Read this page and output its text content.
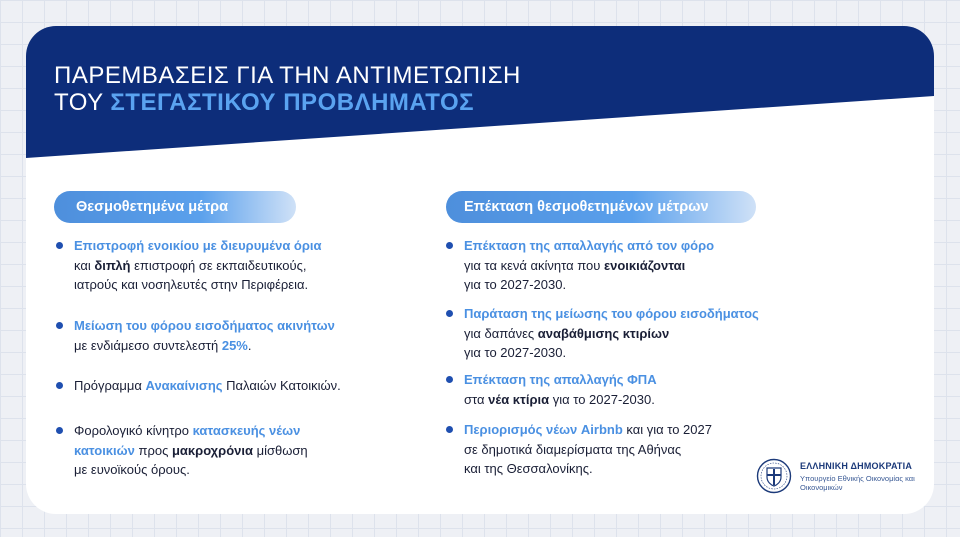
ΠΑΡΕΜΒΑΣΕΙΣ ΓΙΑ ΤΗΝ ΑΝΤΙΜΕΤΩΠΙΣΗ
ΤΟΥ ΣΤΕΓΑΣΤΙΚΟΥ ΠΡΟΒΛΗΜΑΤΟΣ
Θεσμοθετημένα μέτρα	Επέκταση θεσμοθετημένων μέτρων
Επιστροφή ενοικίου με διευρυμένα όρια
και διπλή επιστροφή σε εκπαιδευτικούς,
ιατρούς και νοσηλευτές στην Περιφέρεια.
Μείωση του φόρου εισοδήματος ακινήτων
με ενδιάμεσο συντελεστή 25%.
Πρόγραμμα Ανακαίνισης Παλαιών Κατοικιών.
Φορολογικό κίνητρο κατασκευής νέων
κατοικιών προς μακροχρόνια μίσθωση
με ευνοϊκούς όρους.
Επέκταση της απαλλαγής από τον φόρο
για τα κενά ακίνητα που ενοικιάζονται
για το 2027-2030.
Παράταση της μείωσης του φόρου εισοδήματος
για δαπάνες αναβάθμισης κτιρίων
για το 2027-2030.
Επέκταση της απαλλαγής ΦΠΑ
στα νέα κτίρια για το 2027-2030.
Περιορισμός νέων Airbnb και για το 2027
σε δημοτικά διαμερίσματα της Αθήνας
και της Θεσσαλονίκης.	ΕΛΛΗΝΙΚΗ ΔΗΜΟΚΡΑΤΙΑ
Υπουργείο Εθνικής Οικονομίας και Οικονομικών
